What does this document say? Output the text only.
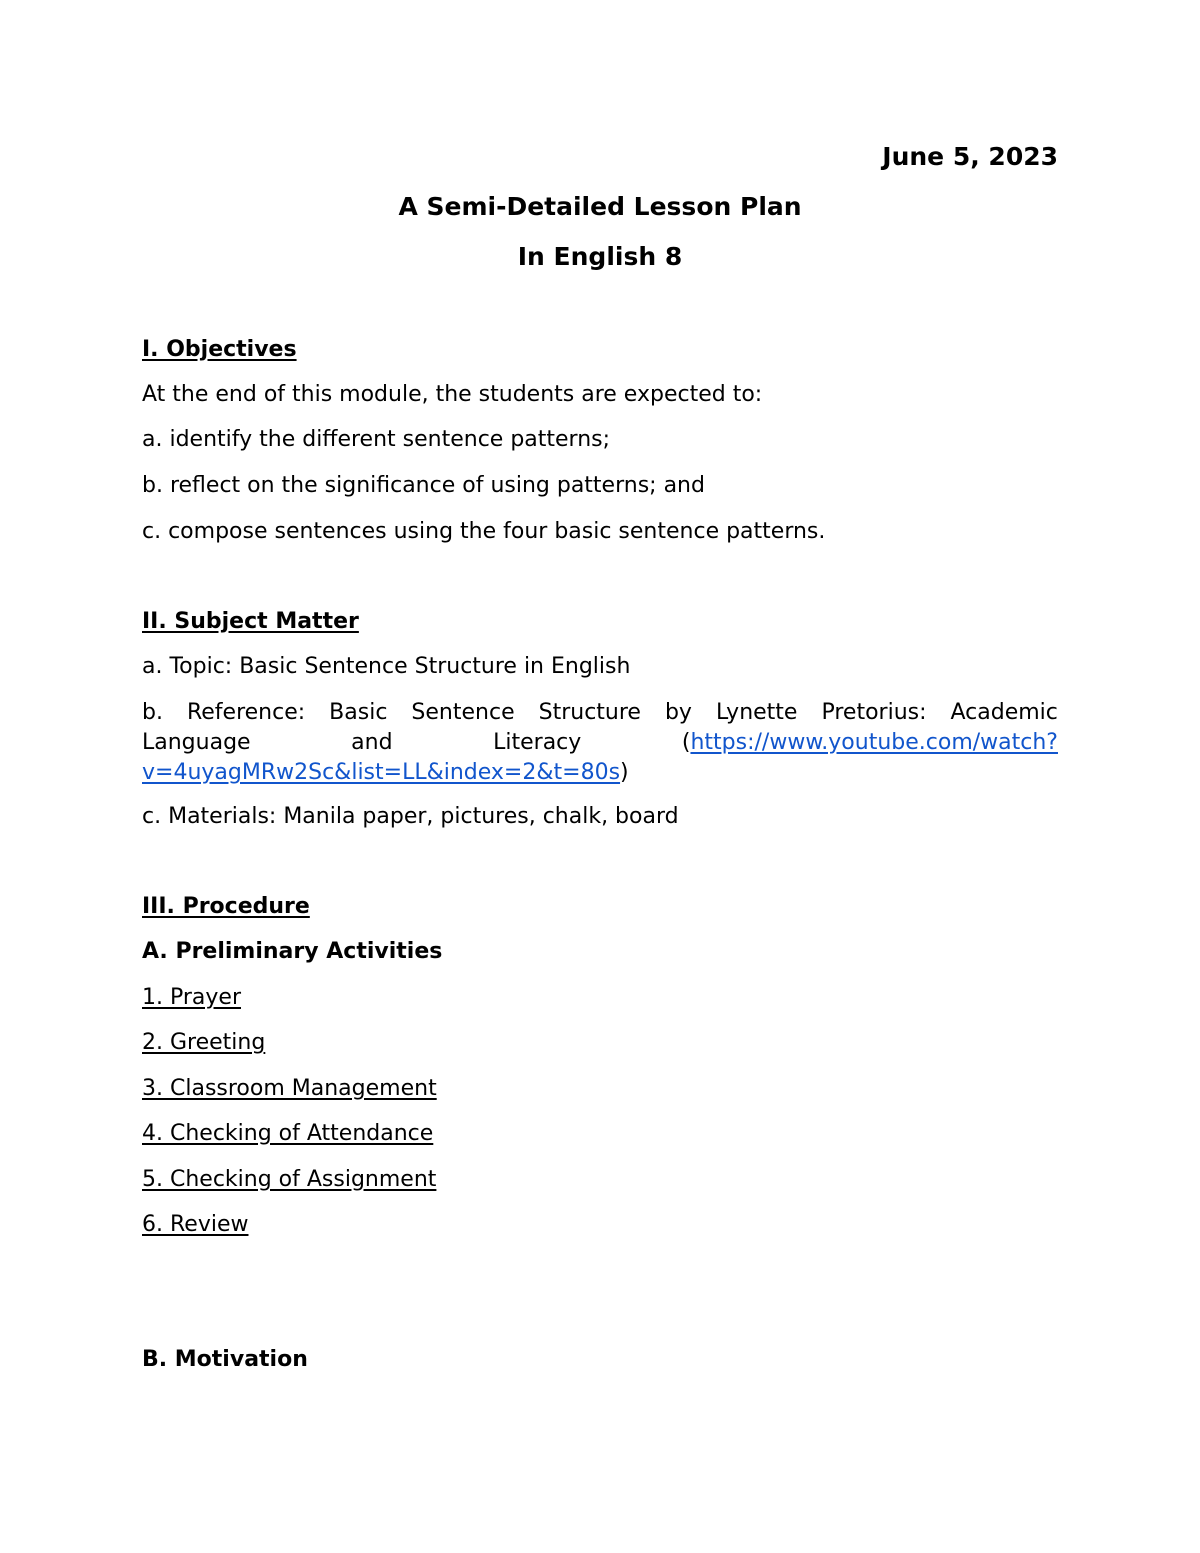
June 5, 2023
A Semi-Detailed Lesson Plan
In English 8
I. Objectives
At the end of this module, the students are expected to:
a. identify the different sentence patterns;
b. reflect on the significance of using patterns; and
c. compose sentences using the four basic sentence patterns.
II. Subject Matter
a. Topic: Basic Sentence Structure in English
b. Reference: Basic Sentence Structure by Lynette Pretorius: Academic
Language	and	Literacy	(https://www.youtube.com/watch?
v=4uyagMRw2Sc&list=LL&index=2&t=80s)
c. Materials: Manila paper, pictures, chalk, board
III. Procedure
A. Preliminary Activities
1. Prayer
2. Greeting
3. Classroom Management
4. Checking of Attendance
5. Checking of Assignment
6. Review
B. Motivation
